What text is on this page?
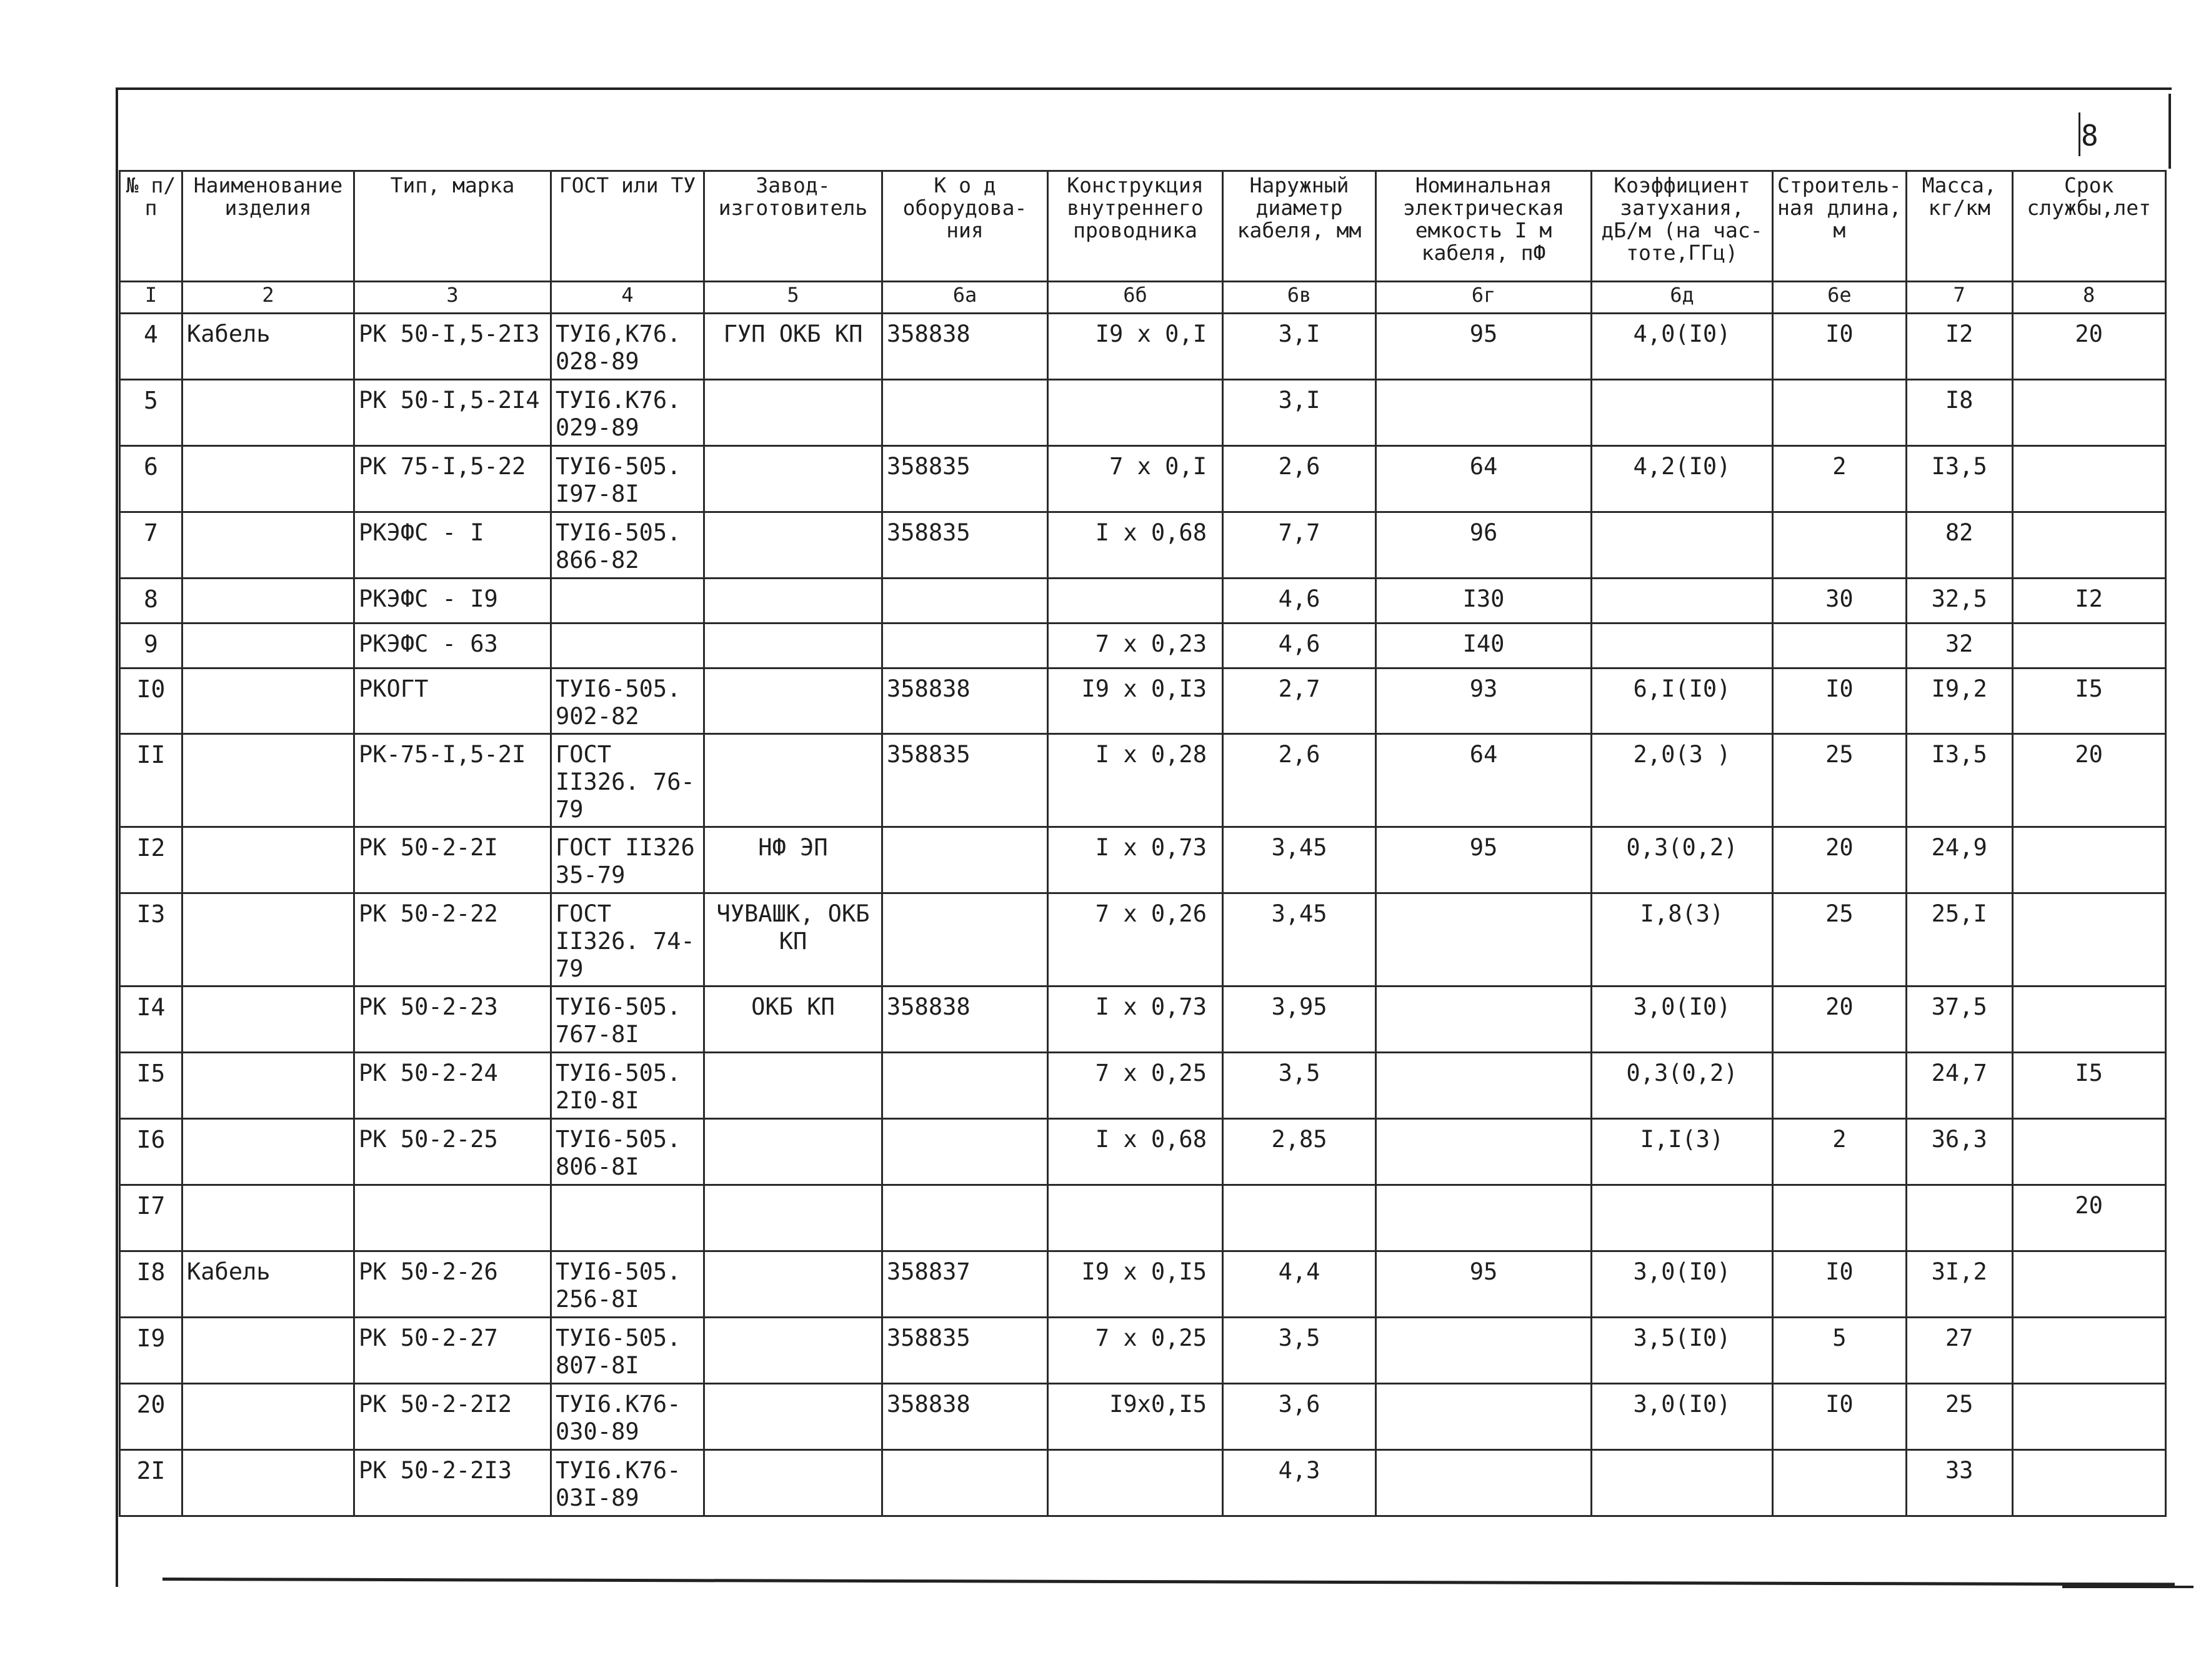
8
№ п/п	Наименование изделия	Тип, марка	ГОСТ или ТУ	Завод-изготовитель	К о д оборудова-ния	Конструкция внутреннего проводника	Наружный диаметр кабеля, мм	Номинальная электрическая емкость I м кабеля, пФ	Коэффициент затухания, дБ/м (на час-тоте,ГГц)	Строитель-ная длина, м	Масса, кг/км	Срок службы,лет
I	2	3	4	5	6а	6б	6в	6г	6д	6е	7	8
4	Кабель	РК 50-I,5-2I3	ТУI6,К76. 028-89	ГУП ОКБ КП	358838	I9 x 0,I	3,I	95	4,0(I0)	I0	I2	20
5		РК 50-I,5-2I4	ТУI6.К76. 029-89				3,I				I8	
6		РК 75-I,5-22	ТУI6-505. I97-8I		358835	7 x 0,I	2,6	64	4,2(I0)	2	I3,5	
7		РКЭФС - I	ТУI6-505. 866-82		358835	I x 0,68	7,7	96			82	
8		РКЭФС - I9					4,6	I30		30	32,5	I2
9		РКЭФС - 63				7 x 0,23	4,6	I40			32	
I0		РКОГТ	ТУI6-505. 902-82		358838	I9 x 0,I3	2,7	93	6,I(I0)	I0	I9,2	I5
II		РК-75-I,5-2I	ГОСТ II326. 76-79		358835	I x 0,28	2,6	64	2,0(3 )	25	I3,5	20
I2		РК 50-2-2I	ГОСТ II326 35-79	НФ ЭП		I x 0,73	3,45	95	0,3(0,2)	20	24,9	
I3		РК 50-2-22	ГОСТ II326. 74-79	ЧУВАШК, ОКБ КП		7 x 0,26	3,45		I,8(3)	25	25,I	
I4		РК 50-2-23	ТУI6-505. 767-8I	ОКБ КП	358838	I x 0,73	3,95		3,0(I0)	20	37,5	
I5		РК 50-2-24	ТУI6-505. 2I0-8I			7 x 0,25	3,5		0,3(0,2)		24,7	I5
I6		РК 50-2-25	ТУI6-505. 806-8I			I x 0,68	2,85		I,I(3)	2	36,3	
I7												20
I8	Кабель	РК 50-2-26	ТУI6-505. 256-8I		358837	I9 x 0,I5	4,4	95	3,0(I0)	I0	3I,2	
I9		РК 50-2-27	ТУI6-505. 807-8I		358835	7 x 0,25	3,5		3,5(I0)	5	27	
20		РК 50-2-2I2	ТУI6.К76- 030-89		358838	I9x0,I5	3,6		3,0(I0)	I0	25	
2I		РК 50-2-2I3	ТУI6.К76- 03I-89				4,3				33	
